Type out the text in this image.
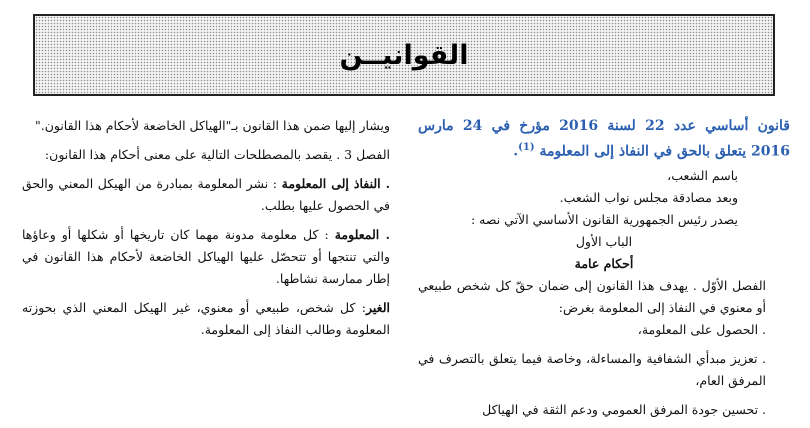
القوانيــن

قانون أساسي عدد 22 لسنة 2016 مؤرخ في 24 مارس 2016 يتعلق بالحق في النفاذ إلى المعلومة $^{(1)}$.

باسم الشعب،

وبعد مصادقة مجلس نواب الشعب.

يصدر رئيس الجمهورية القانون الأساسي الآتي نصه :

الباب الأول

أحكام عامة

الفصل الأوّل . يهدف هذا القانون إلى ضمان حقّ كل شخص طبيعي أو معنوي في النفاذ إلى المعلومة بغرض:

. الحصول على المعلومة،

. تعزيز مبدأي الشفافية والمساءلة، وخاصة فيما يتعلق بالتصرف في المرفق العام،

. تحسين جودة المرفق العمومي ودعم الثقة في الهياكل

ويشار إليها ضمن هذا القانون بـ"الهياكل الخاضعة لأحكام هذا القانون."

الفصل 3 . يقصد بالمصطلحات التالية على معنى أحكام هذا القانون:

. النفاذ إلى المعلومة : نشر المعلومة بمبادرة من الهيكل المعني والحق في الحصول عليها بطلب.

. المعلومة : كل معلومة مدونة مهما كان تاريخها أو شكلها أو وعاؤها والتي تنتجها أو تتحصّل عليها الهياكل الخاضعة لأحكام هذا القانون في إطار ممارسة نشاطها.

الغير: كل شخص، طبيعي أو معنوي، غير الهيكل المعني الذي بحوزته المعلومة وطالب النفاذ إلى المعلومة.
